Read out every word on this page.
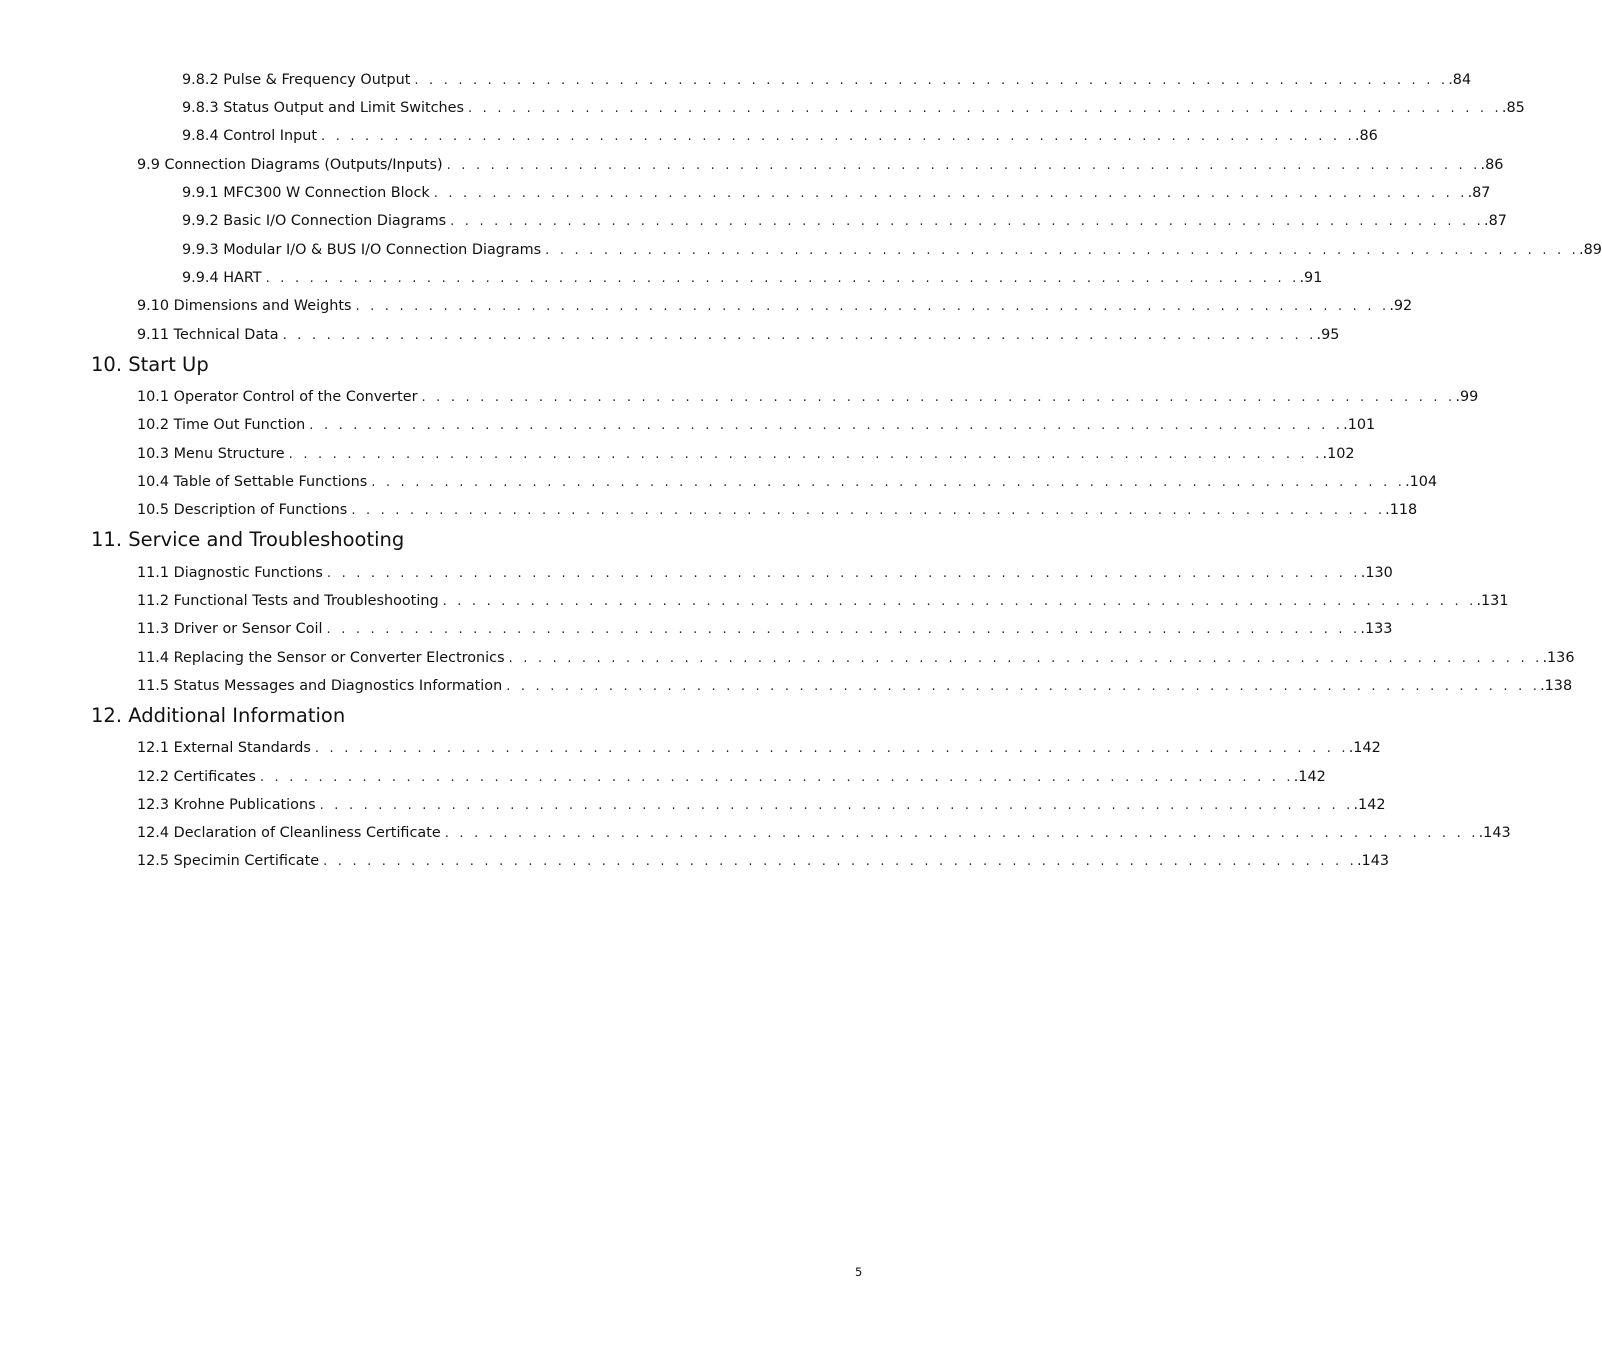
9.8.2 Pulse & Frequency Output . . . . . . . . . . . . . . . . . . . . . . . . . . . . . . . . . . . . . . . . . . . . . . . . . . . . . . . . . . . . . . . . . . . . . . . .84
9.8.3 Status Output and Limit Switches . . . . . . . . . . . . . . . . . . . . . . . . . . . . . . . . . . . . . . . . . . . . . . . . . . . . . . . . . . . . . . . . . . . . . . . .85
9.8.4 Control Input . . . . . . . . . . . . . . . . . . . . . . . . . . . . . . . . . . . . . . . . . . . . . . . . . . . . . . . . . . . . . . . . . . . . . . . .86
9.9 Connection Diagrams (Outputs/Inputs) . . . . . . . . . . . . . . . . . . . . . . . . . . . . . . . . . . . . . . . . . . . . . . . . . . . . . . . . . . . . . . . . . . . . . . . .86
9.9.1 MFC300 W Connection Block . . . . . . . . . . . . . . . . . . . . . . . . . . . . . . . . . . . . . . . . . . . . . . . . . . . . . . . . . . . . . . . . . . . . . . . .87
9.9.2 Basic I/O Connection Diagrams . . . . . . . . . . . . . . . . . . . . . . . . . . . . . . . . . . . . . . . . . . . . . . . . . . . . . . . . . . . . . . . . . . . . . . . .87
9.9.3 Modular I/O & BUS I/O Connection Diagrams . . . . . . . . . . . . . . . . . . . . . . . . . . . . . . . . . . . . . . . . . . . . . . . . . . . . . . . . . . . . . . . . . . . . . . . .89
9.9.4 HART . . . . . . . . . . . . . . . . . . . . . . . . . . . . . . . . . . . . . . . . . . . . . . . . . . . . . . . . . . . . . . . . . . . . . . . .91
9.10 Dimensions and Weights . . . . . . . . . . . . . . . . . . . . . . . . . . . . . . . . . . . . . . . . . . . . . . . . . . . . . . . . . . . . . . . . . . . . . . . .92
9.11 Technical Data . . . . . . . . . . . . . . . . . . . . . . . . . . . . . . . . . . . . . . . . . . . . . . . . . . . . . . . . . . . . . . . . . . . . . . . .95
10. Start Up
10.1 Operator Control of the Converter . . . . . . . . . . . . . . . . . . . . . . . . . . . . . . . . . . . . . . . . . . . . . . . . . . . . . . . . . . . . . . . . . . . . . . . .99
10.2 Time Out Function . . . . . . . . . . . . . . . . . . . . . . . . . . . . . . . . . . . . . . . . . . . . . . . . . . . . . . . . . . . . . . . . . . . . . . . .101
10.3 Menu Structure . . . . . . . . . . . . . . . . . . . . . . . . . . . . . . . . . . . . . . . . . . . . . . . . . . . . . . . . . . . . . . . . . . . . . . . .102
10.4 Table of Settable Functions . . . . . . . . . . . . . . . . . . . . . . . . . . . . . . . . . . . . . . . . . . . . . . . . . . . . . . . . . . . . . . . . . . . . . . . .104
10.5 Description of Functions . . . . . . . . . . . . . . . . . . . . . . . . . . . . . . . . . . . . . . . . . . . . . . . . . . . . . . . . . . . . . . . . . . . . . . . .118
11. Service and Troubleshooting
11.1 Diagnostic Functions . . . . . . . . . . . . . . . . . . . . . . . . . . . . . . . . . . . . . . . . . . . . . . . . . . . . . . . . . . . . . . . . . . . . . . . .130
11.2 Functional Tests and Troubleshooting . . . . . . . . . . . . . . . . . . . . . . . . . . . . . . . . . . . . . . . . . . . . . . . . . . . . . . . . . . . . . . . . . . . . . . . .131
11.3 Driver or Sensor Coil . . . . . . . . . . . . . . . . . . . . . . . . . . . . . . . . . . . . . . . . . . . . . . . . . . . . . . . . . . . . . . . . . . . . . . . .133
11.4 Replacing the Sensor or Converter Electronics . . . . . . . . . . . . . . . . . . . . . . . . . . . . . . . . . . . . . . . . . . . . . . . . . . . . . . . . . . . . . . . . . . . . . . . .136
11.5 Status Messages and Diagnostics Information . . . . . . . . . . . . . . . . . . . . . . . . . . . . . . . . . . . . . . . . . . . . . . . . . . . . . . . . . . . . . . . . . . . . . . . .138
12. Additional Information
12.1 External Standards . . . . . . . . . . . . . . . . . . . . . . . . . . . . . . . . . . . . . . . . . . . . . . . . . . . . . . . . . . . . . . . . . . . . . . . .142
12.2 Certificates . . . . . . . . . . . . . . . . . . . . . . . . . . . . . . . . . . . . . . . . . . . . . . . . . . . . . . . . . . . . . . . . . . . . . . . .142
12.3 Krohne Publications . . . . . . . . . . . . . . . . . . . . . . . . . . . . . . . . . . . . . . . . . . . . . . . . . . . . . . . . . . . . . . . . . . . . . . . .142
12.4 Declaration of Cleanliness Certificate . . . . . . . . . . . . . . . . . . . . . . . . . . . . . . . . . . . . . . . . . . . . . . . . . . . . . . . . . . . . . . . . . . . . . . . .143
12.5 Specimin Certificate . . . . . . . . . . . . . . . . . . . . . . . . . . . . . . . . . . . . . . . . . . . . . . . . . . . . . . . . . . . . . . . . . . . . . . . .143
5
